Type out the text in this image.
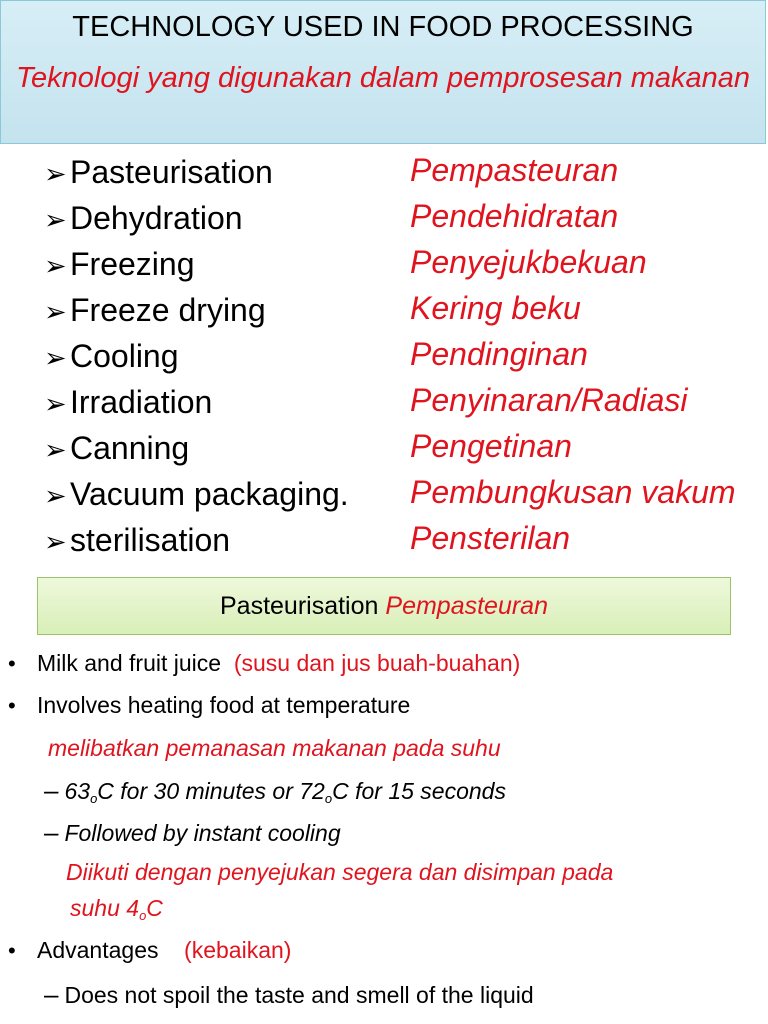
TECHNOLOGY USED IN FOOD PROCESSING
Teknologi yang digunakan dalam pemprosesan makanan
➢ Pasteurisation	Pempasteuran
➢ Dehydration	Pendehidratan
➢ Freezing	Penyejukbekuan
➢ Freeze drying	Kering beku
➢ Cooling	Pendinginan
➢ Irradiation	Penyinaran/Radiasi
➢ Canning	Pengetinan
➢ Vacuum packaging. Pembungkusan vakum
➢ sterilisation	Pensterilan
Pasteurisation Pempasteuran
• Milk and fruit juice (susu dan jus buah-buahan)
• Involves heating food at temperature
melibatkan pemanasan makanan pada suhu
– 63$^o$C for 30 minutes or 72$^o$C for 15 seconds
– Followed by instant cooling
Diikuti dengan penyejukan segera dan disimpan pada
suhu 4$^o$C
• Advantages (kebaikan)
– Does not spoil the taste and smell of the liquid
